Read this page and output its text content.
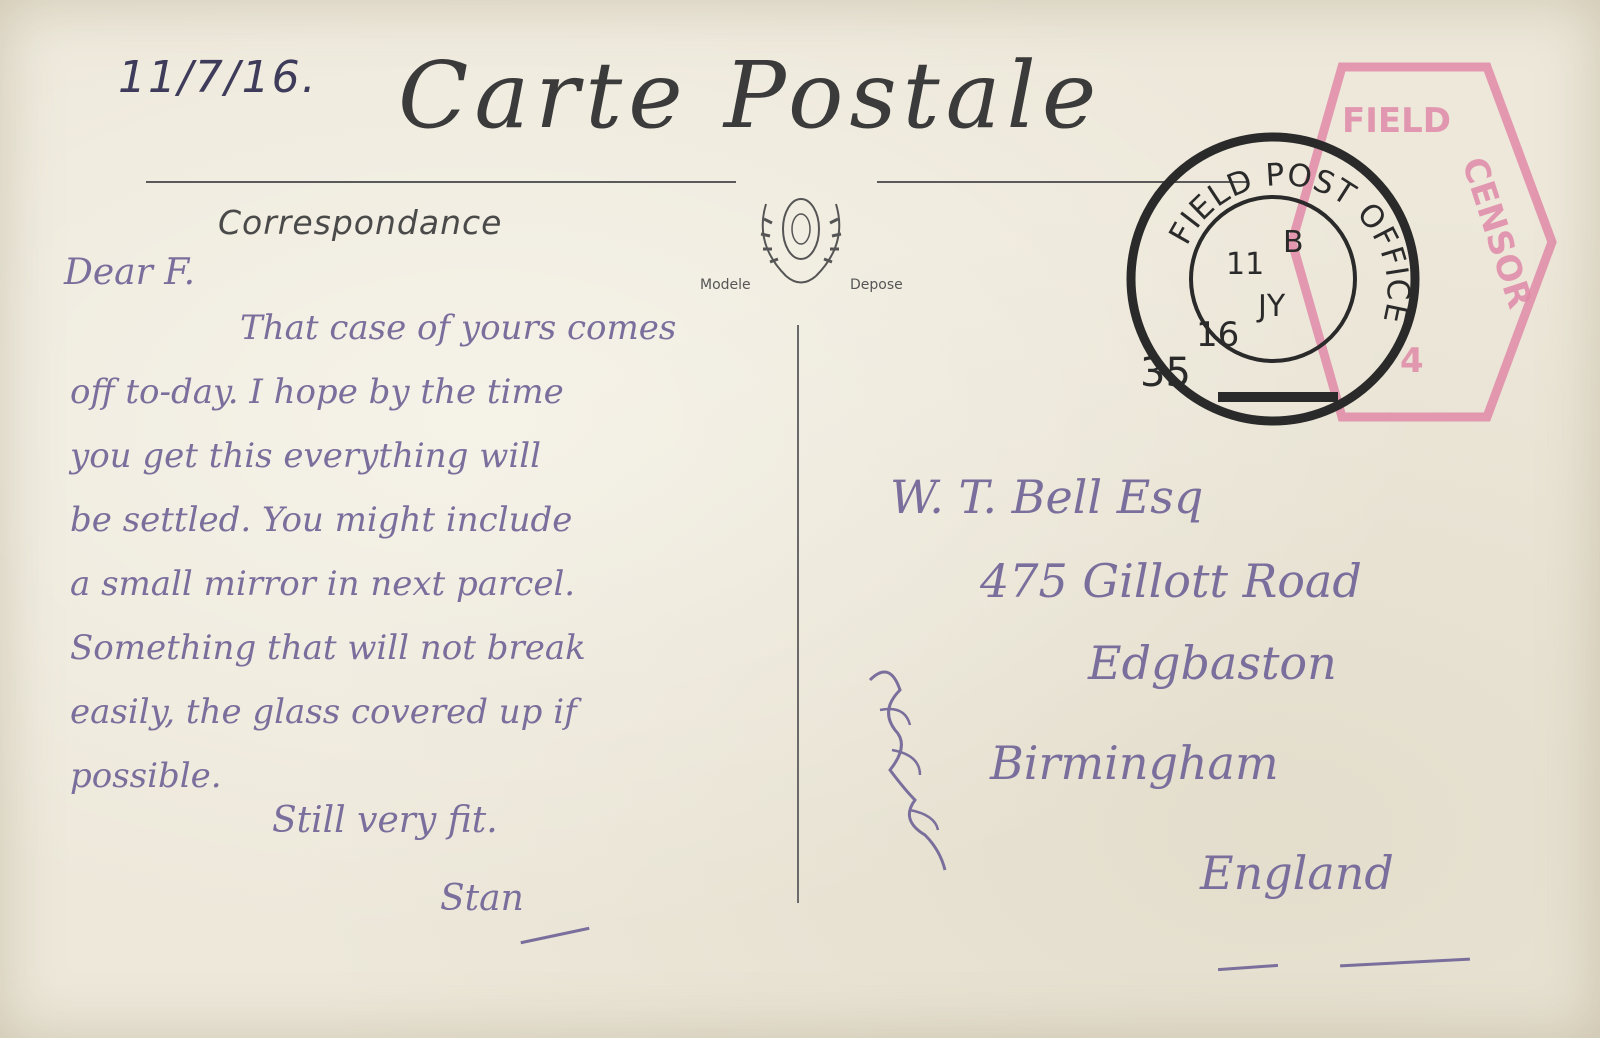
11/7/16. Carte Postale
Correspondance
Modele	Depose
Dear F.
That case of yours comes
off to-day. I hope by the time
you get this everything will
be settled. You might include
a small mirror in next parcel.
Something that will not break
easily, the glass covered up if
possible.
Still very fit.
Stan
W. T. Bell Esq
475 Gillott Road
Edgbaston
Birmingham
England
FIELD
CENSOR
4
FIELD POST OFFICE
B
11
JY
16
35
